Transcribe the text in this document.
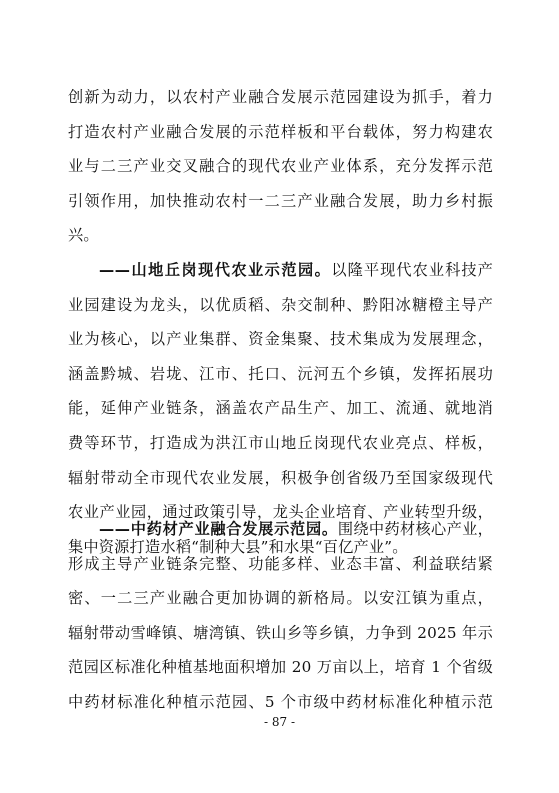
创新为动力，以农村产业融合发展示范园建设为抓手，着力
打造农村产业融合发展的示范样板和平台载体，努力构建农
业与二三产业交叉融合的现代农业产业体系，充分发挥示范
引领作用，加快推动农村一二三产业融合发展，助力乡村振
兴。
——山地丘岗现代农业示范园。以隆平现代农业科技产
业园建设为龙头，以优质稻、杂交制种、黔阳冰糖橙主导产
业为核心，以产业集群、资金集聚、技术集成为发展理念，
涵盖黔城、岩垅、江市、托口、沅河五个乡镇，发挥拓展功
能，延伸产业链条，涵盖农产品生产、加工、流通、就地消
费等环节，打造成为洪江市山地丘岗现代农业亮点、样板，
辐射带动全市现代农业发展，积极争创省级乃至国家级现代
农业产业园，通过政策引导，龙头企业培育、产业转型升级，
集中资源打造水稻“制种大县”和水果“百亿产业”。
——中药材产业融合发展示范园。围绕中药材核心产业，
形成主导产业链条完整、功能多样、业态丰富、利益联结紧
密、一二三产业融合更加协调的新格局。以安江镇为重点，
辐射带动雪峰镇、塘湾镇、铁山乡等乡镇，力争到 2025 年示
范园区标准化种植基地面积增加 20 万亩以上，培育 1 个省级
中药材标准化种植示范园、5 个市级中药材标准化种植示范
- 87 -
